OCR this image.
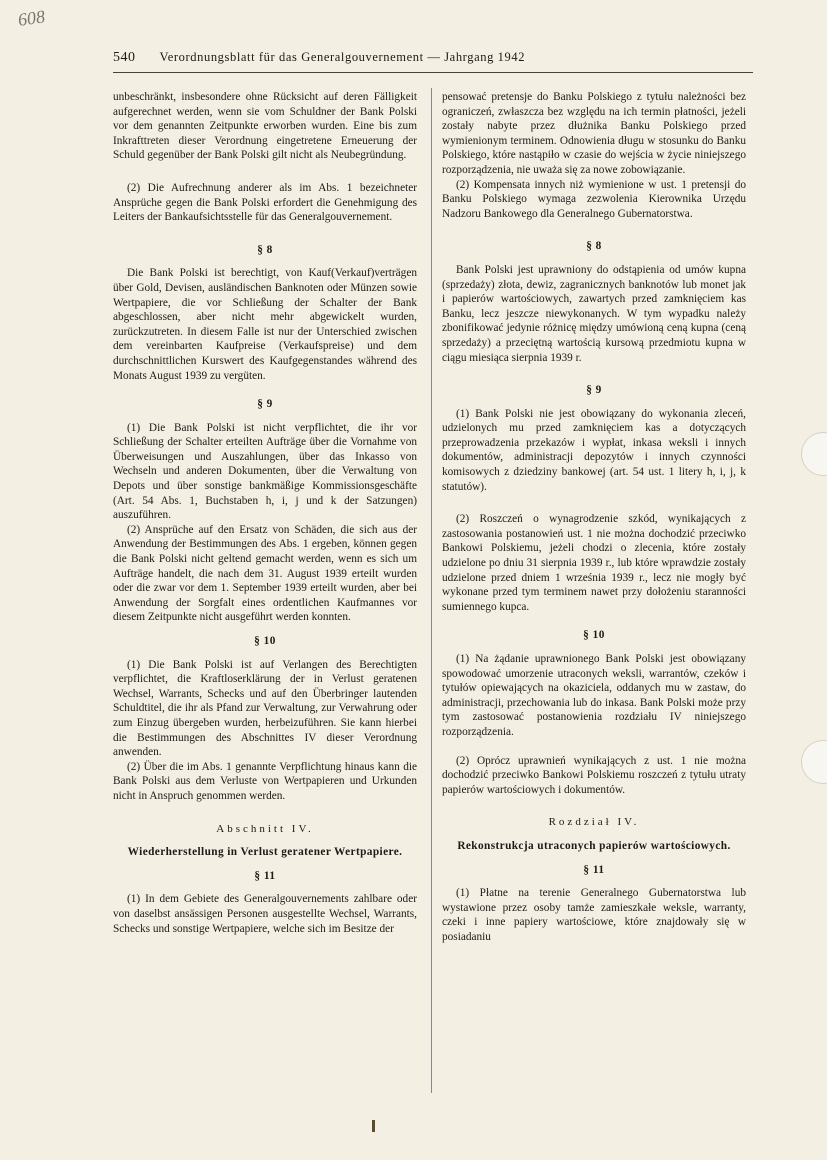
608
540 Verordnungsblatt für das Generalgouvernement — Jahrgang 1942

unbeschränkt, insbesondere ohne Rücksicht auf deren Fälligkeit aufgerechnet werden, wenn sie vom Schuldner der Bank Polski vor dem genannten Zeitpunkte erworben wurden. Eine bis zum Inkrafttreten dieser Verordnung eingetretene Erneuerung der Schuld gegenüber der Bank Polski gilt nicht als Neubegründung.

(2) Die Aufrechnung anderer als im Abs. 1 bezeichneter Ansprüche gegen die Bank Polski erfordert die Genehmigung des Leiters der Bankaufsichtsstelle für das Generalgouvernement.

§ 8

Die Bank Polski ist berechtigt, von Kauf(Verkauf)verträgen über Gold, Devisen, ausländischen Banknoten oder Münzen sowie Wertpapiere, die vor Schließung der Schalter der Bank abgeschlossen, aber nicht mehr abgewickelt wurden, zurückzutreten. In diesem Falle ist nur der Unterschied zwischen dem vereinbarten Kaufpreise (Verkaufspreise) und dem durchschnittlichen Kurswert des Kaufgegenstandes während des Monats August 1939 zu vergüten.

§ 9

(1) Die Bank Polski ist nicht verpflichtet, die ihr vor Schließung der Schalter erteilten Aufträge über die Vornahme von Überweisungen und Auszahlungen, über das Inkasso von Wechseln und anderen Dokumenten, über die Verwaltung von Depots und über sonstige bankmäßige Kommissionsgeschäfte (Art. 54 Abs. 1, Buchstaben h, i, j und k der Satzungen) auszuführen.

(2) Ansprüche auf den Ersatz von Schäden, die sich aus der Anwendung der Bestimmungen des Abs. 1 ergeben, können gegen die Bank Polski nicht geltend gemacht werden, wenn es sich um Aufträge handelt, die nach dem 31. August 1939 erteilt wurden oder die zwar vor dem 1. September 1939 erteilt wurden, aber bei Anwendung der Sorgfalt eines ordentlichen Kaufmannes vor diesem Zeitpunkte nicht ausgeführt werden konnten.

§ 10

(1) Die Bank Polski ist auf Verlangen des Berechtigten verpflichtet, die Kraftloserklärung der in Verlust geratenen Wechsel, Warrants, Schecks und auf den Überbringer lautenden Schuldtitel, die ihr als Pfand zur Verwaltung, zur Verwahrung oder zum Einzug übergeben wurden, herbeizuführen. Sie kann hierbei die Bestimmungen des Abschnittes IV dieser Verordnung anwenden.

(2) Über die im Abs. 1 genannte Verpflichtung hinaus kann die Bank Polski aus dem Verluste von Wertpapieren und Urkunden nicht in Anspruch genommen werden.

Abschnitt IV.

Wiederherstellung in Verlust geratener Wertpapiere.

§ 11

(1) In dem Gebiete des Generalgouvernements zahlbare oder von daselbst ansässigen Personen ausgestellte Wechsel, Warrants, Schecks und sonstige Wertpapiere, welche sich im Besitze der

pensować pretensje do Banku Polskiego z tytułu należności bez ograniczeń, zwłaszcza bez względu na ich termin płatności, jeżeli zostały nabyte przez dłużnika Banku Polskiego przed wymienionym terminem. Odnowienia długu w stosunku do Banku Polskiego, które nastąpiło w czasie do wejścia w życie niniejszego rozporządzenia, nie uważa się za nowe zobowiązanie.

(2) Kompensata innych niż wymienione w ust. 1 pretensji do Banku Polskiego wymaga zezwolenia Kierownika Urzędu Nadzoru Bankowego dla Generalnego Gubernatorstwa.

§ 8

Bank Polski jest uprawniony do odstąpienia od umów kupna (sprzedaży) złota, dewiz, zagranicznych banknotów lub monet jak i papierów wartościowych, zawartych przed zamknięciem kas Banku, lecz jeszcze niewykonanych. W tym wypadku należy zbonifikować jedynie różnicę między umówioną ceną kupna (ceną sprzedaży) a przeciętną wartością kursową przedmiotu kupna w ciągu miesiąca sierpnia 1939 r.

§ 9

(1) Bank Polski nie jest obowiązany do wykonania zleceń, udzielonych mu przed zamknięciem kas a dotyczących przeprowadzenia przekazów i wypłat, inkasa weksli i innych dokumentów, administracji depozytów i innych czynności komisowych z dziedziny bankowej (art. 54 ust. 1 litery h, i, j, k statutów).

(2) Roszczeń o wynagrodzenie szkód, wynikających z zastosowania postanowień ust. 1 nie można dochodzić przeciwko Bankowi Polskiemu, jeżeli chodzi o zlecenia, które zostały udzielone po dniu 31 sierpnia 1939 r., lub które wprawdzie zostały udzielone przed dniem 1 września 1939 r., lecz nie mogły być wykonane przed tym terminem nawet przy dołożeniu staranności sumiennego kupca.

§ 10

(1) Na żądanie uprawnionego Bank Polski jest obowiązany spowodować umorzenie utraconych weksli, warrantów, czeków i tytułów opiewających na okaziciela, oddanych mu w zastaw, do administracji, przechowania lub do inkasa. Bank Polski może przy tym zastosować postanowienia rozdziału IV niniejszego rozporządzenia.

(2) Oprócz uprawnień wynikających z ust. 1 nie można dochodzić przeciwko Bankowi Polskiemu roszczeń z tytułu utraty papierów wartościowych i dokumentów.

Rozdział IV.

Rekonstrukcja utraconych papierów wartościowych.

§ 11

(1) Płatne na terenie Generalnego Gubernatorstwa lub wystawione przez osoby tamże zamieszkałe weksle, warranty, czeki i inne papiery wartościowe, które znajdowały się w posiadaniu
